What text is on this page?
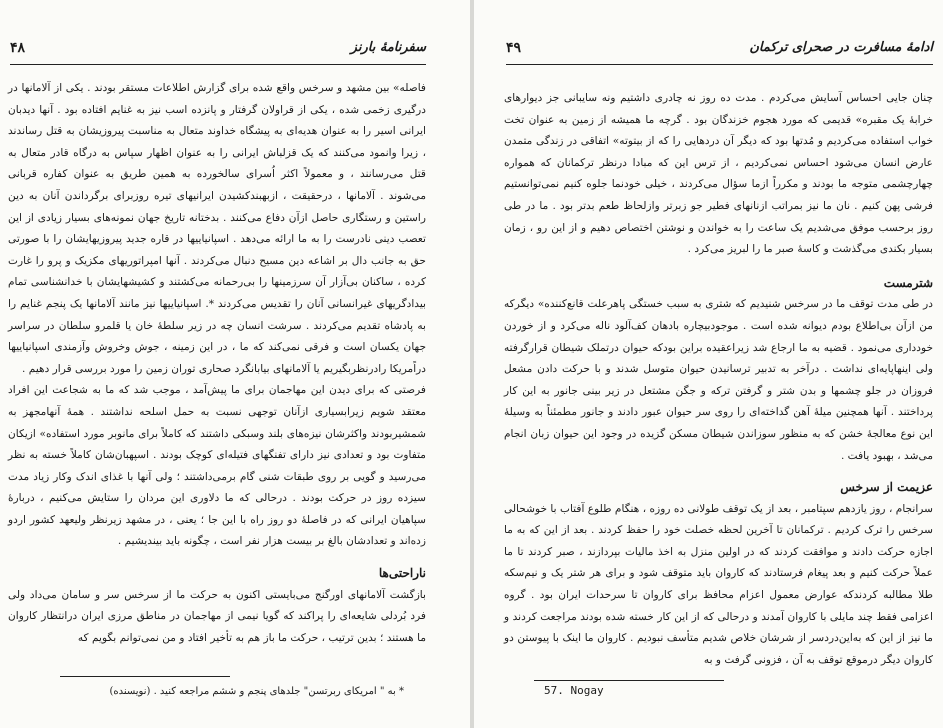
۴۸	سفرنامهٔ بارنز

فاصله» بین مشهد و سرخس واقع شده برای گزارش اطلاعات مستقر بودند . یکی از آلامانها در درگیری زخمی شده ، یکی از قراولان گرفتار و پانزده اسب نیز به غنایم افتاده بود . آنها دیدبان ایرانی اسیر را به عنوان هدیه‌ای به پیشگاه خداوند متعال به مناسبت پیروزیشان به قتل رساندند ، زیرا وانمود می‌کنند که یک قزلباش ایرانی را به عنوان اظهار سپاس به درگاه قادر متعال به قتل می‌رسانند ، و معمولاً اکثر اُسرای سالخورده به همین طریق به عنوان کفاره قربانی می‌شوند . آلامانها ، درحقیقت ، ازبهبندکشیدن ایرانیهای تیره روزبرای برگرداندن آنان به دین راستین و رستگاری حاصل ازآن دفاع می‌کنند . بدختانه تاریخ جهان نمونه‌های بسیار زیادی از این تعصب دینی نادرست را به ما ارائه می‌دهد . اسپانیاییها در قاره جدید پیروزیهایشان را با صورتی حق به جانب دال بر اشاعه دین مسیح دنبال می‌کردند . آنها امپراتوریهای مکزیک و پرو را غارت کرده ، ساکنان بی‌آزار آن سرزمینها را بی‌رحمانه می‌کشتند و کشیشهایشان با خدانشناسی تمام بیدادگریهای غیرانسانی آنان را تقدیس می‌کردند *. اسپانیاییها نیز مانند آلامانها یک پنجم غنایم را به پادشاه تقدیم می‌کردند . سرشت انسان چه در زیر سلطهٔ خان یا قلمرو سلطان در سراسر جهان یکسان است و فرقی نمی‌کند که ما ، در این زمینه ، جوش وخروش وآزمندی اسپانیاییها دراًمریکا رادرنظربگیریم یا آلامانهای بیابانگرد صحاری توران زمین را مورد بررسی قرار دهیم .

فرصتی که برای دیدن این مهاجمان برای ما پیش‌آمد ، موجب شد که ما به شجاعت این افراد معتقد شویم زیرابسیاری ازآنان توجهی نسبت به حمل اسلحه نداشتند . همهٔ آنهامجهز به شمشیربودند واکثرشان نیزه‌های بلند وسبکی داشتند که کاملاً برای مانوبر مورد استفاده» ازیکان متفاوت بود و تعدادی نیز دارای تفنگهای فتیله‌ای کوچک بودند . اسپهبان‌شان کاملاً خسته به نظر می‌رسید و گویی بر روی طبقات شنی گام برمی‌داشتند ؛ ولی آنها با غذای اندک وکار زیاد مدت سیزده روز در حرکت بودند . درحالی که ما دلاوری این مردان را ستایش می‌کنیم ، دربارهٔ سپاهیان ایرانی که در فاصلهٔ دو روز راه با این جا ؛ یعنی ، در مشهد زیرنظر ولیعهد کشور اردو زده‌اند و تعدادشان بالغ بر بیست هزار نفر است ، چگونه باید بیندیشیم .

ناراحتی‌ها

بازگشت آلامانهای اورگنج می‌بایستی اکنون به حرکت ما از سرخس سر و سامان می‌داد ولی فرد بُردلی شایعه‌ای را پراکند که گویا نیمی از مهاجمان در مناطق مرزی ایران درانتظار کاروان ما هستند ؛ بدین ترتیب ، حرکت ما باز هم به تأخیر افتاد و من نمی‌توانم بگویم که

* به " امریکای ربرتسن" جلدهای پنجم و ششم مراجعه کنید . (نویسنده)
۴۹	ادامهٔ مسافرت در صحرای ترکمان

چنان جایی احساس آسایش می‌کردم . مدت ده روز نه چادری داشتیم ونه سایبانی جز دیوارهای خرابهٔ یک مقبره» قدیمی که مورد هجوم خزندگان بود . گرچه ما همیشه از زمین به عنوان تخت خواب استفاده می‌کردیم و مُدتها بود که دیگر آن دردهایی را که از بیتوته» اتفاقی در زندگی متمدن عارض انسان می‌شود احساس نمی‌کردیم ، از ترس این که مبادا درنظر ترکمانان که همواره چهارچشمی متوجه ما بودند و مکرراً ازما سؤال می‌کردند ، خیلی خودنما جلوه کنیم نمی‌توانستیم فرشی پهن کنیم . نان ما نیز بمراتب ازنانهای فطیر جو زبرتر وازلحاظ طعم بدتر بود . ما در طی روز برحسب موفق می‌شدیم یک ساعت را به خواندن و نوشتن اختصاص دهیم و از این رو ، زمان بسیار بکندی می‌گذشت و کاسهٔ صبر ما را لبریز می‌کرد .

شترمست

در طی مدت توقف ما در سرخس شنیدیم که شتری به سبب خستگی پاهرعلت قانع‌کننده» دیگرکه من ازآن بی‌اطلاع بودم دیوانه شده است . موجودبیچاره بادهان کف‌آلود ناله می‌کرد و از خوردن خودداری می‌نمود . قضیه به ما ارجاع شد زیراعقیده براین بودکه حیوان درتملک شیطان قرارگرفته ولی اینهاپایه‌ای نداشت . درآخر به تدبیر ترسانیدن حیوان متوسل شدند و با حرکت دادن مشعل فروزان در جلو چشمها و بدن شتر و گرفتن ترکه و جگن مشتعل در زیر بینی جانور به این کار پرداختند . آنها همچنین میلهٔ آهن گداخته‌ای را روی سر حیوان عبور دادند و جانور مطمئناً به وسیلهٔ این نوع معالجه‌ٔ خشن که به منظور سوزاندن شیطان مسکن گزیده در وجود این حیوان زبان انجام می‌شد ، بهبود یافت .

عزیمت از سرخس

سرانجام ، روز یازدهم سپتامبر ، بعد از یک توقف طولانی ده روزه ، هنگام طلوع آفتاب با خوشحالی سرخس را ترک کردیم . ترکمانان تا آخرین لحظه خصلت خود را حفظ کردند . بعد از این که به ما اجازه حرکت دادند و موافقت کردند که در اولین منزل به اخذ مالیات بپردازند ، صبر کردند تا ما عملاً حرکت کنیم و بعد پیغام فرستادند که کاروان باید متوقف شود و برای هر شتر یک و نیم‌سکه طلا مطالبه کردندکه عوارض معمول اعزام محافظ برای کاروان تا سرحدات ایران بود . گروه اعزامی فقط چند مایلی با کاروان آمدند و درحالی که از این کار خسته شده بودند مراجعت کردند و ما نیز از این که به‌این‌دردسر از شرشان خلاص شدیم متأسف نبودیم . کاروان ما اینک با پیوستن دو کاروان دیگر درموقع توقف به آن ، فزونی گرفت و به

57. Nogay
